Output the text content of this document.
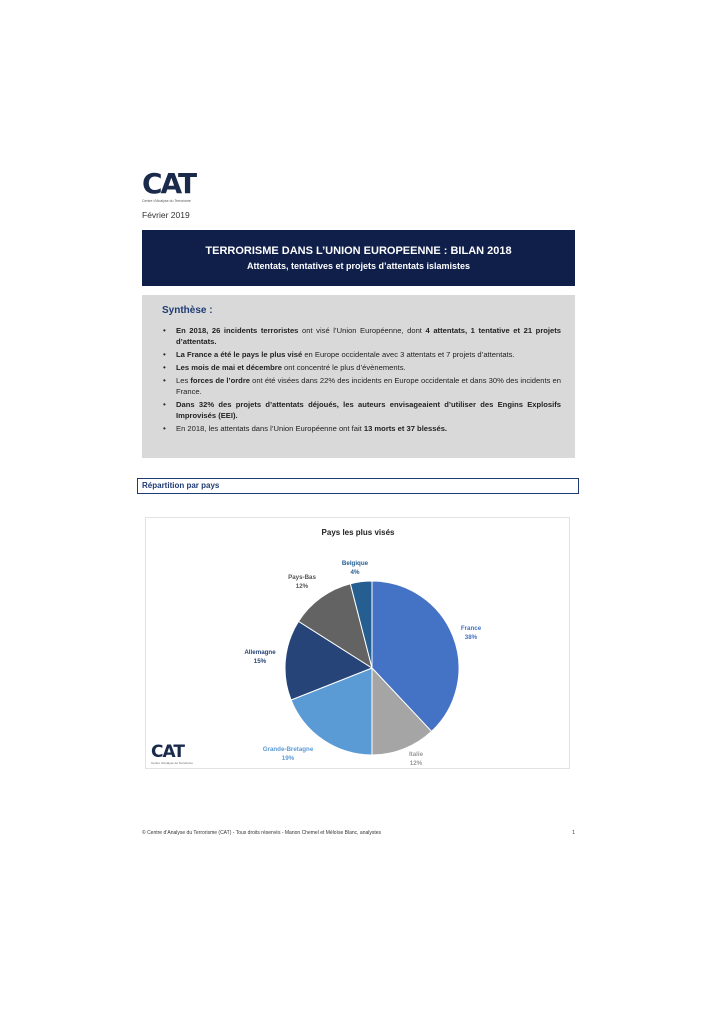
CAT
Centre d'Analyse du Terrorisme
Février 2019
TERRORISME DANS L’UNION EUROPEENNE : BILAN 2018
Attentats, tentatives et projets d’attentats islamistes
Synthèse :
• En 2018, 26 incidents terroristes ont visé l’Union Européenne, dont 4 attentats, 1 tentative et 21 projets d’attentats.
• La France a été le pays le plus visé en Europe occidentale avec 3 attentats et 7 projets d’attentats.
• Les mois de mai et décembre ont concentré le plus d’évènements.
• Les forces de l’ordre ont été visées dans 22% des incidents en Europe occidentale et dans 30% des incidents en France.
• Dans 32% des projets d’attentats déjoués, les auteurs envisageaient d’utiliser des Engins Explosifs Improvisés (EEI).
• En 2018, les attentats dans l’Union Européenne ont fait 13 morts et 37 blessés.
Répartition par pays
Pays les plus visés
France
38%
Italie
12%
Grande-Bretagne
19%
Allemagne
15%
Pays-Bas
12%
Belgique
4%
CAT
Centre d'Analyse du Terrorisme
© Centre d’Analyse du Terrorisme (CAT) - Tous droits réservés - Manon Chemel et Méloïse Blanc, analystes	1
